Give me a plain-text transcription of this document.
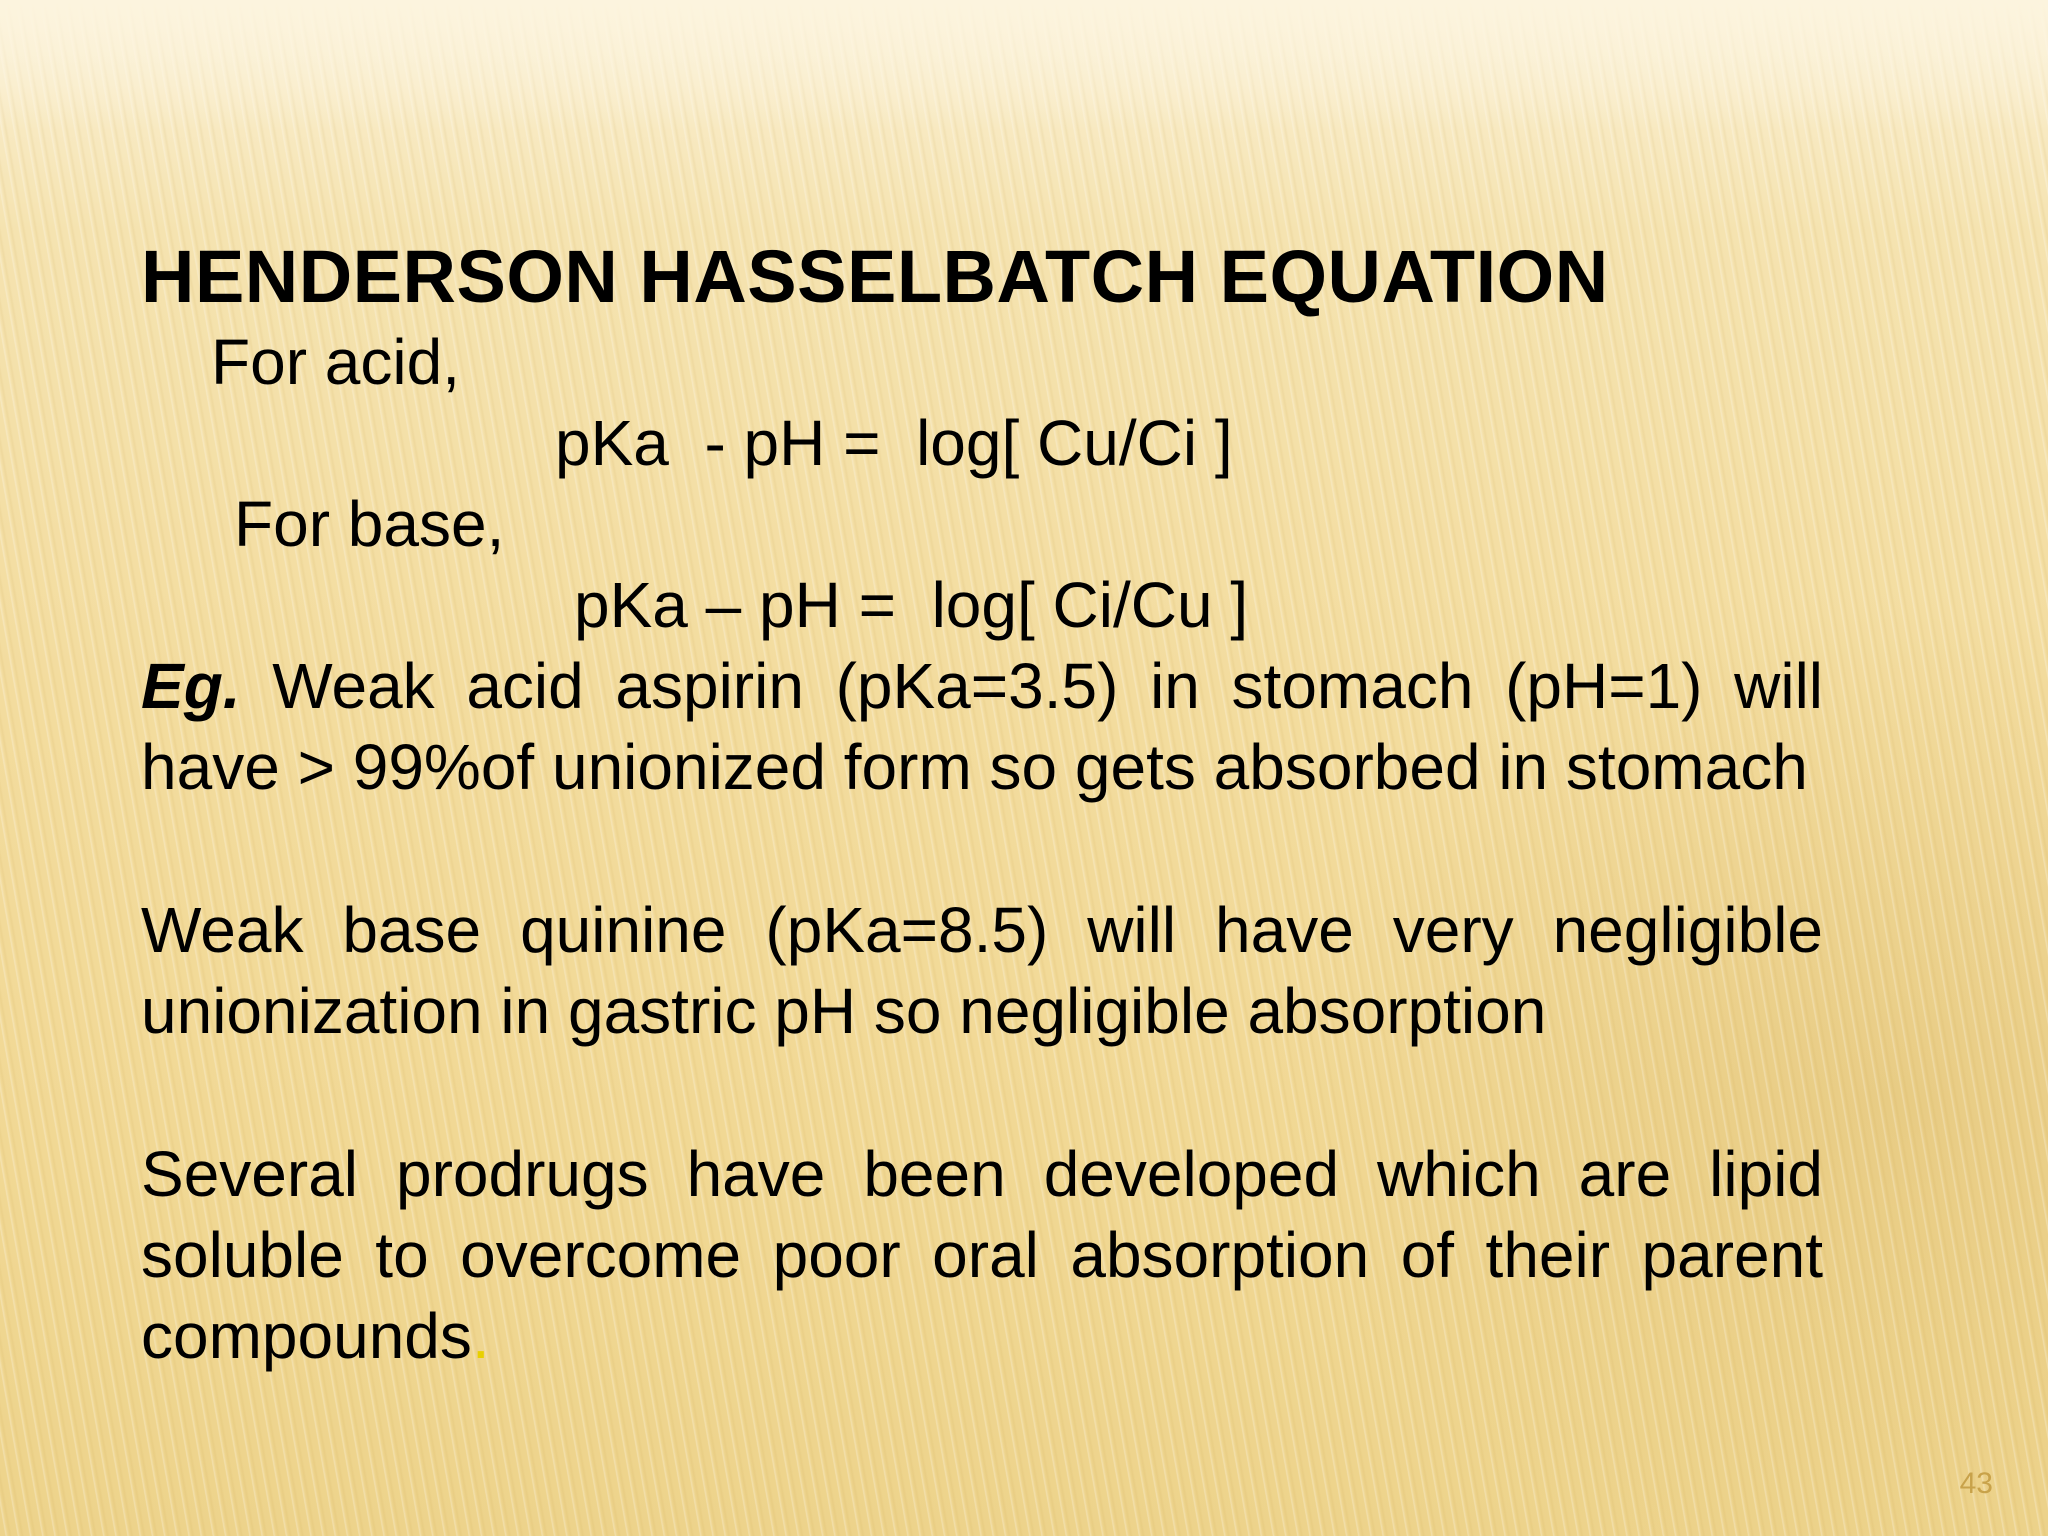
HENDERSON HASSELBATCH EQUATION

For acid,

pKa  - pH =  log[ Cu/Ci ]

For base,

pKa – pH =  log[ Ci/Cu ]

Eg. Weak acid aspirin (pKa=3.5) in stomach (pH=1) will have > 99%of unionized form so gets absorbed in stomach

Weak base quinine (pKa=8.5) will have very negligible unionization in gastric pH so negligible absorption

Several prodrugs have been developed which are lipid soluble to overcome poor oral absorption of their parent compounds.

43
